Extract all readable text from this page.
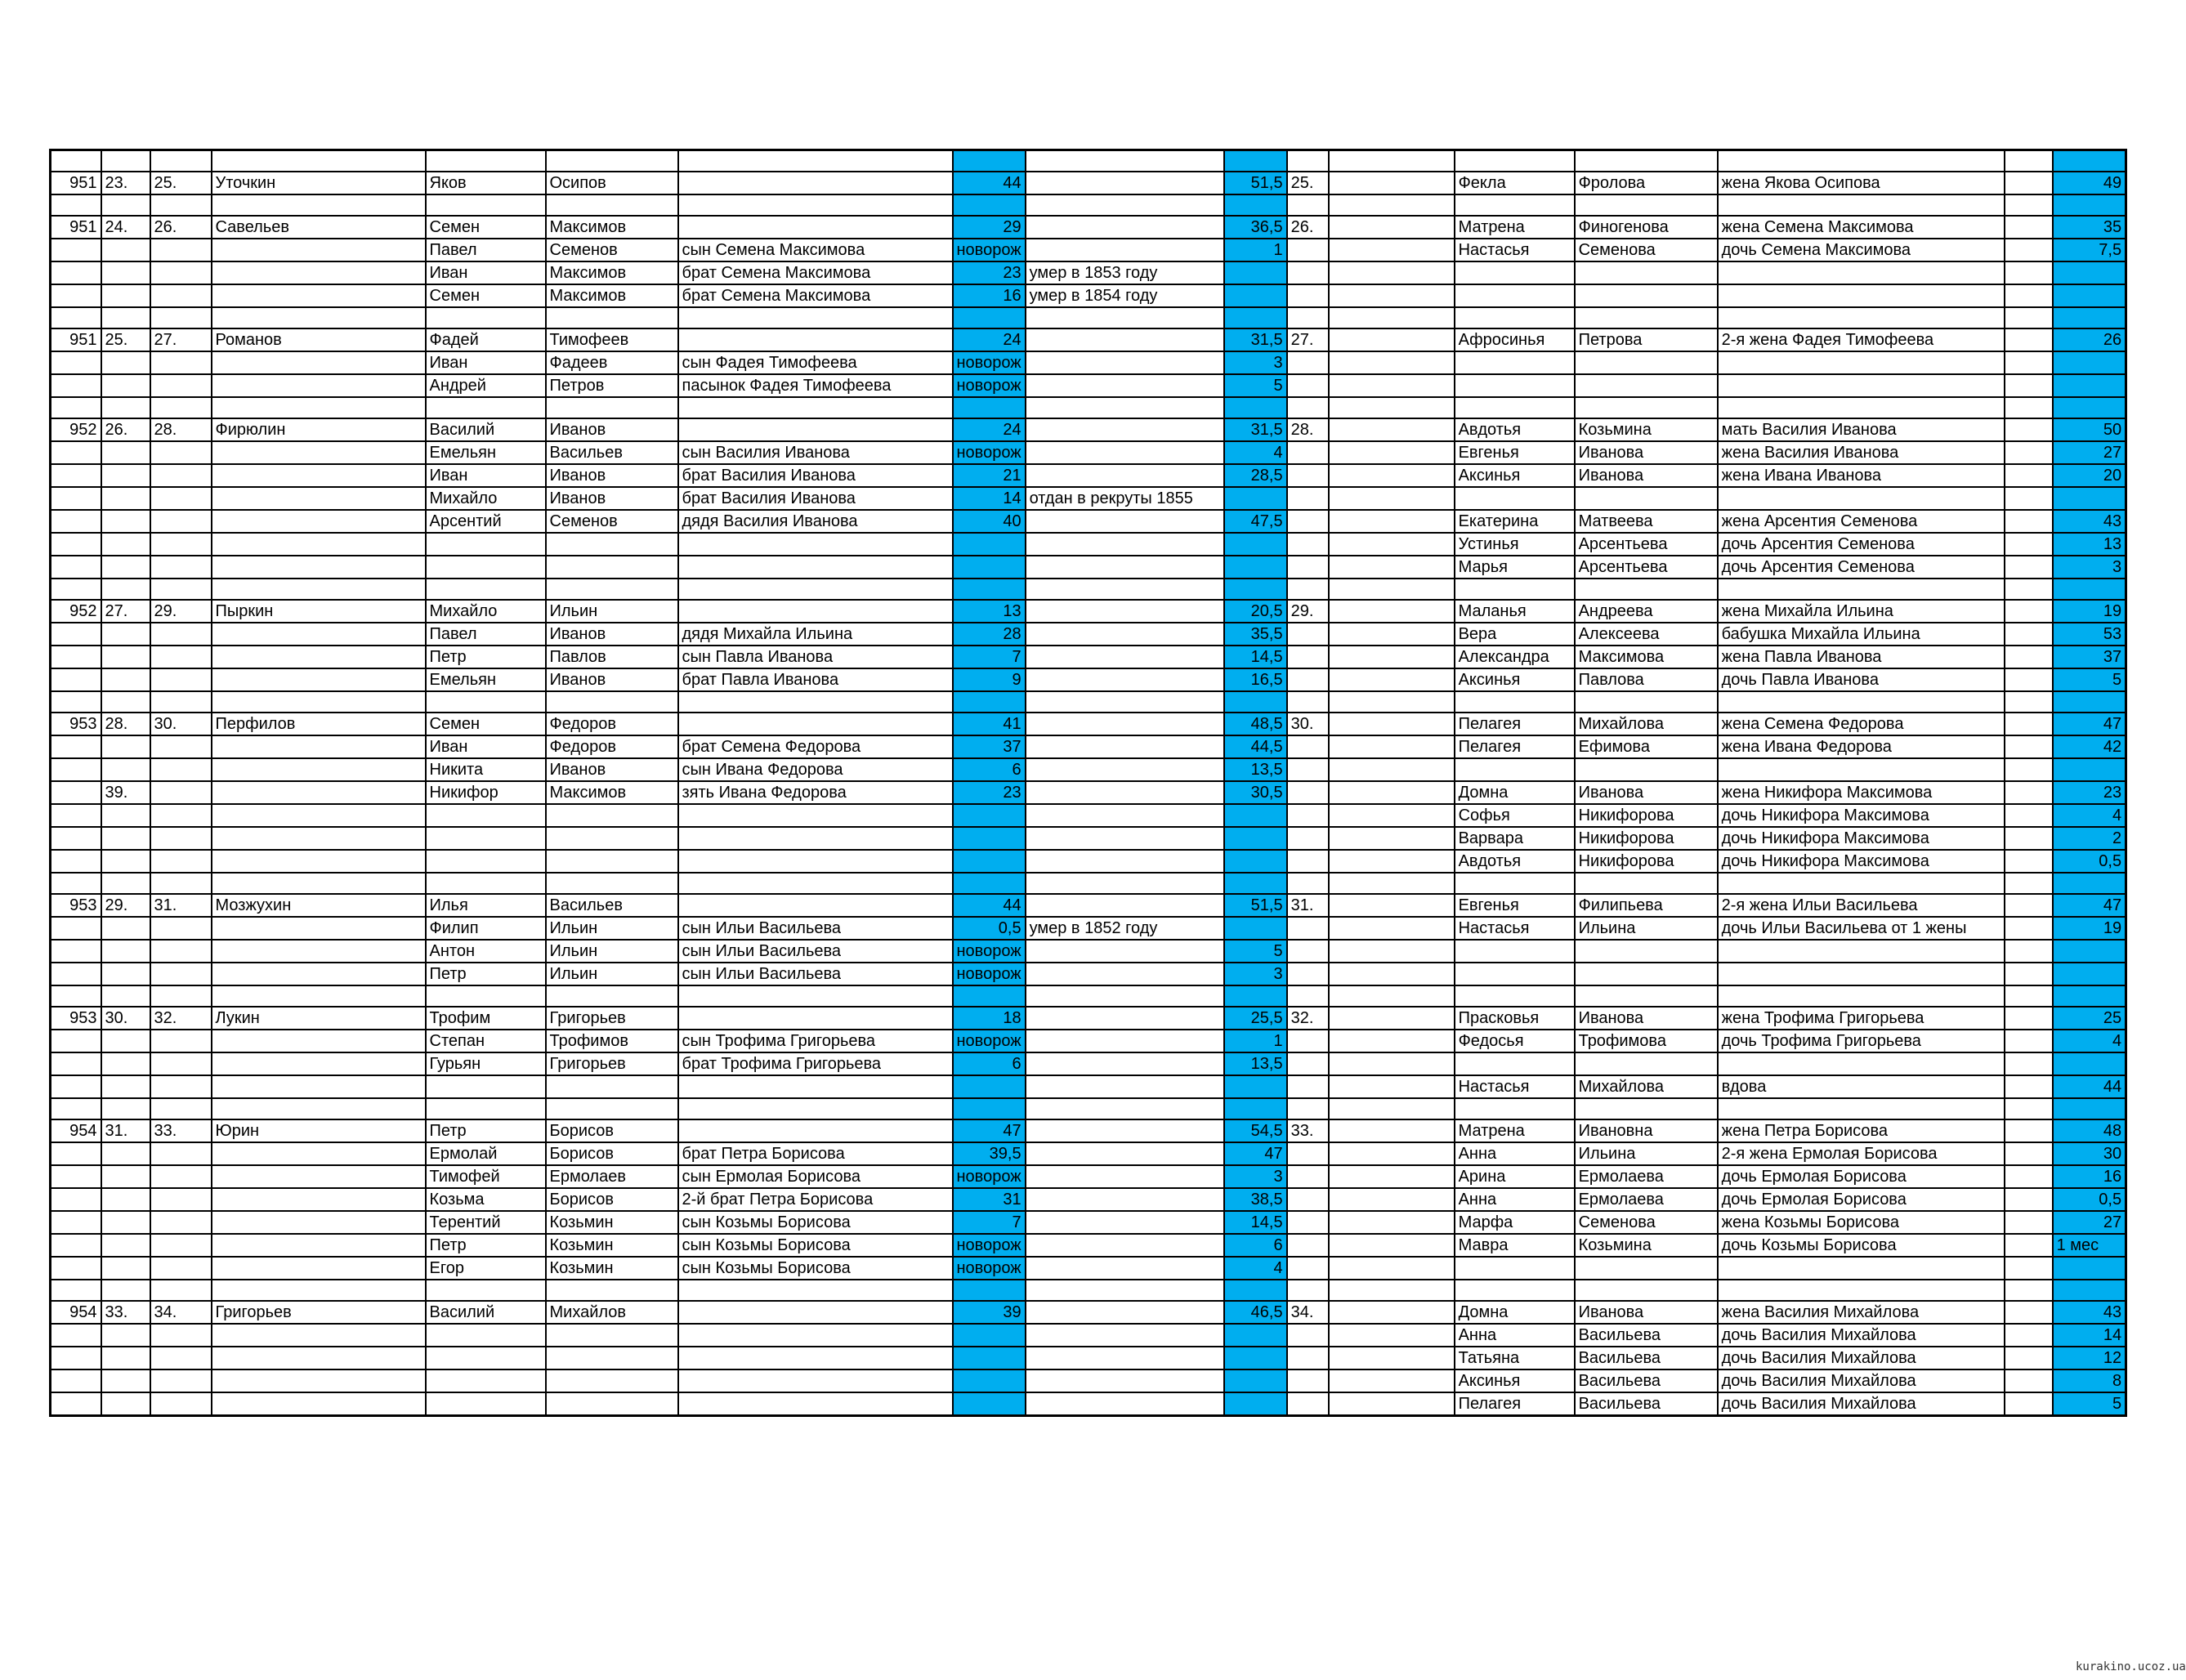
951	23.	25.	Уточкин	Яков	Осипов		44		51,5	25.		Фекла	Фролова	жена Якова Осипова		49

951	24.	26.	Савельев	Семен	Максимов		29		36,5	26.		Матрена	Финогенова	жена Семена Максимова		35
				Павел	Семенов	сын Семена Максимова	новорож		1			Настасья	Семенова	дочь Семена Максимова		7,5
				Иван	Максимов	брат Семена Максимова	23	умер в 1853 году								
				Семен	Максимов	брат Семена Максимова	16	умер в 1854 году								

951	25.	27.	Романов	Фадей	Тимофеев		24		31,5	27.		Афросинья	Петрова	2-я жена Фадея Тимофеева		26
				Иван	Фадеев	сын Фадея Тимофеева	новорож		3							
				Андрей	Петров	пасынок Фадея Тимофеева	новорож		5							

952	26.	28.	Фирюлин	Василий	Иванов		24		31,5	28.		Авдотья	Козьмина	мать Василия Иванова		50
				Емельян	Васильев	сын Василия Иванова	новорож		4			Евгенья	Иванова	жена Василия Иванова		27
				Иван	Иванов	брат Василия Иванова	21		28,5			Аксинья	Иванова	жена Ивана Иванова		20
				Михайло	Иванов	брат Василия Иванова	14	отдан в рекруты 1855								
				Арсентий	Семенов	дядя Василия Иванова	40		47,5			Екатерина	Матвеева	жена Арсентия Семенова		43
												Устинья	Арсентьева	дочь Арсентия Семенова		13
												Марья	Арсентьева	дочь Арсентия Семенова		3

952	27.	29.	Пыркин	Михайло	Ильин		13		20,5	29.		Маланья	Андреева	жена Михайла Ильина		19
				Павел	Иванов	дядя Михайла Ильина	28		35,5			Вера	Алексеева	бабушка Михайла Ильина		53
				Петр	Павлов	сын Павла Иванова	7		14,5			Александра	Максимова	жена Павла Иванова		37
				Емельян	Иванов	брат Павла Иванова	9		16,5			Аксинья	Павлова	дочь Павла Иванова		5

953	28.	30.	Перфилов	Семен	Федоров		41		48,5	30.		Пелагея	Михайлова	жена Семена Федорова		47
				Иван	Федоров	брат Семена Федорова	37		44,5			Пелагея	Ефимова	жена Ивана Федорова		42
				Никита	Иванов	сын Ивана Федорова	6		13,5							
	39.			Никифор	Максимов	зять Ивана Федорова	23		30,5			Домна	Иванова	жена Никифора Максимова		23
												Софья	Никифорова	дочь Никифора Максимова		4
												Варвара	Никифорова	дочь Никифора Максимова		2
												Авдотья	Никифорова	дочь Никифора Максимова		0,5

953	29.	31.	Мозжухин	Илья	Васильев		44		51,5	31.		Евгенья	Филипьева	2-я жена Ильи Васильева		47
				Филип	Ильин	сын Ильи Васильева	0,5	умер в 1852 году				Настасья	Ильина	дочь Ильи Васильева от 1 жены		19
				Антон	Ильин	сын Ильи Васильева	новорож		5							
				Петр	Ильин	сын Ильи Васильева	новорож		3							

953	30.	32.	Лукин	Трофим	Григорьев		18		25,5	32.		Прасковья	Иванова	жена Трофима Григорьева		25
				Степан	Трофимов	сын Трофима Григорьева	новорож		1			Федосья	Трофимова	дочь Трофима Григорьева		4
				Гурьян	Григорьев	брат Трофима Григорьева	6		13,5							
												Настасья	Михайлова	вдова		44

954	31.	33.	Юрин	Петр	Борисов		47		54,5	33.		Матрена	Ивановна	жена Петра Борисова		48
				Ермолай	Борисов	брат Петра Борисова	39,5		47			Анна	Ильина	2-я жена Ермолая Борисова		30
				Тимофей	Ермолаев	сын Ермолая Борисова	новорож		3			Арина	Ермолаева	дочь Ермолая Борисова		16
				Козьма	Борисов	2-й брат Петра Борисова	31		38,5			Анна	Ермолаева	дочь Ермолая Борисова		0,5
				Терентий	Козьмин	сын Козьмы Борисова	7		14,5			Марфа	Семенова	жена Козьмы Борисова		27
				Петр	Козьмин	сын Козьмы Борисова	новорож		6			Мавра	Козьмина	дочь Козьмы Борисова		1 мес
				Егор	Козьмин	сын Козьмы Борисова	новорож		4							

954	33.	34.	Григорьев	Василий	Михайлов		39		46,5	34.		Домна	Иванова	жена Василия Михайлова		43
												Анна	Васильева	дочь Василия Михайлова		14
												Татьяна	Васильева	дочь Василия Михайлова		12
												Аксинья	Васильева	дочь Василия Михайлова		8
												Пелагея	Васильева	дочь Василия Михайлова		5
kurakino.ucoz.ua
